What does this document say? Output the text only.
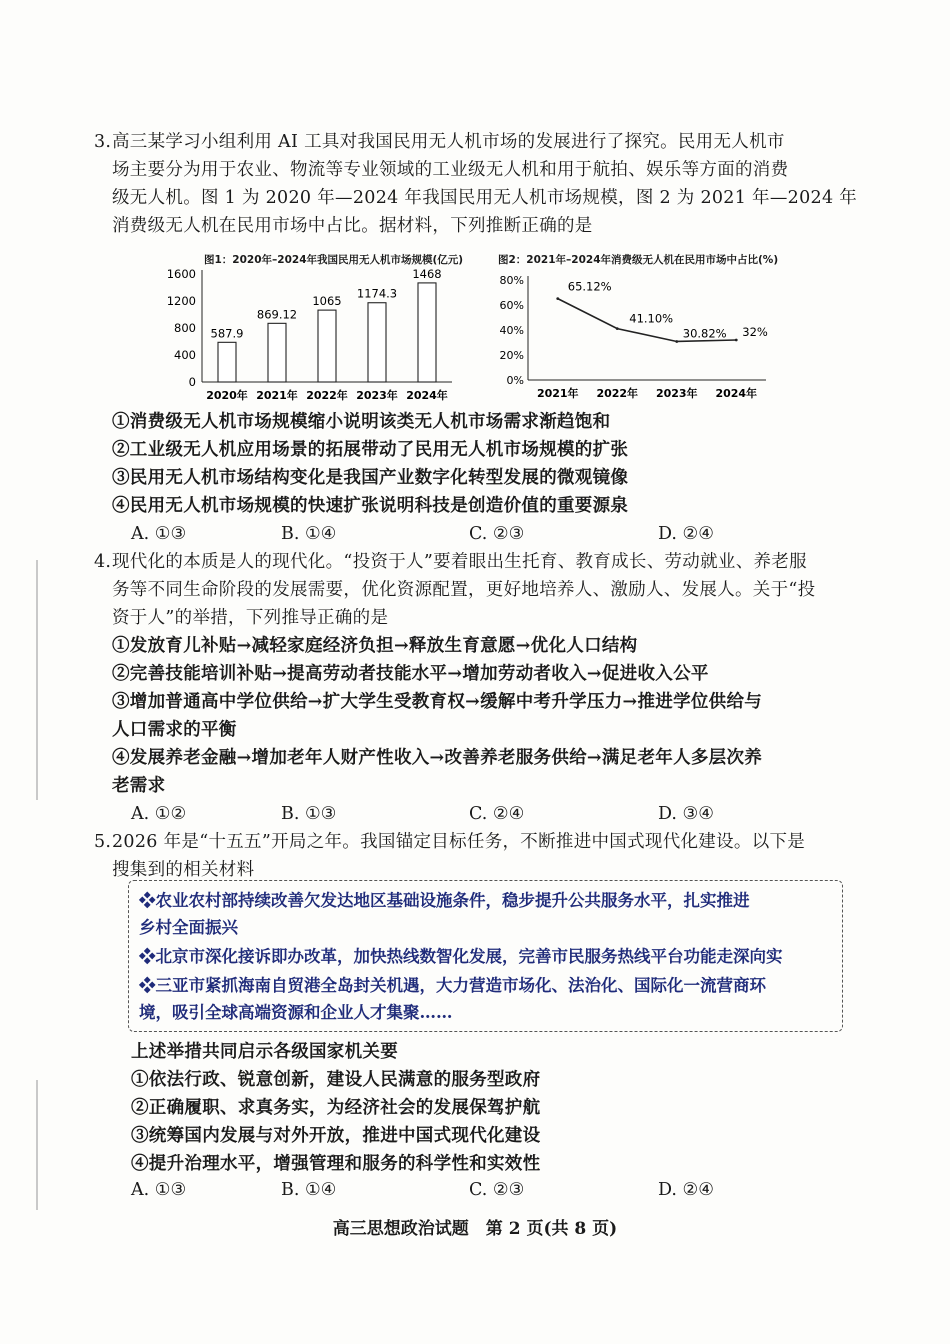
3.高三某学习小组利用 AI 工具对我国民用无人机市场的发展进行了探究。民用无人机市
场主要分为用于农业、物流等专业领域的工业级无人机和用于航拍、娱乐等方面的消费
级无人机。图 1 为 2020 年—2024 年我国民用无人机市场规模，图 2 为 2021 年—2024 年
消费级无人机在民用市场中占比。据材料，下列推断正确的是
图1：2020年–2024年我国民用无人机市场规模(亿元)
0
400
800
1200
1600
587.9
2020年
869.12
2021年
1065
2022年
1174.3
2023年
1468
2024年
图2：2021年–2024年消费级无人机在民用市场中占比(%)
0%
20%
40%
60%
80%	65.12%
2021年
41.10%
2022年
30.82%
2023年
32%
2024年
①消费级无人机市场规模缩小说明该类无人机市场需求渐趋饱和
②工业级无人机应用场景的拓展带动了民用无人机市场规模的扩张
③民用无人机市场结构变化是我国产业数字化转型发展的微观镜像
④民用无人机市场规模的快速扩张说明科技是创造价值的重要源泉
A. ①③	B. ①④	C. ②③	D. ②④
4.现代化的本质是人的现代化。“投资于人”要着眼出生托育、教育成长、劳动就业、养老服
务等不同生命阶段的发展需要，优化资源配置，更好地培养人、激励人、发展人。关于“投
资于人”的举措，下列推导正确的是
①发放育儿补贴→减轻家庭经济负担→释放生育意愿→优化人口结构
②完善技能培训补贴→提高劳动者技能水平→增加劳动者收入→促进收入公平
③增加普通高中学位供给→扩大学生受教育权→缓解中考升学压力→推进学位供给与
人口需求的平衡
④发展养老金融→增加老年人财产性收入→改善养老服务供给→满足老年人多层次养
老需求
A. ①②	B. ①③	C. ②④	D. ③④
5.2026 年是“十五五”开局之年。我国锚定目标任务，不断推进中国式现代化建设。以下是
搜集到的相关材料
❖农业农村部持续改善欠发达地区基础设施条件，稳步提升公共服务水平，扎实推进
乡村全面振兴
❖北京市深化接诉即办改革，加快热线数智化发展，完善市民服务热线平台功能走深向实
❖三亚市紧抓海南自贸港全岛封关机遇，大力营造市场化、法治化、国际化一流营商环
境，吸引全球高端资源和企业人才集聚……
上述举措共同启示各级国家机关要
①依法行政、锐意创新，建设人民满意的服务型政府
②正确履职、求真务实，为经济社会的发展保驾护航
③统筹国内发展与对外开放，推进中国式现代化建设
④提升治理水平，增强管理和服务的科学性和实效性
A. ①③	B. ①④	C. ②③	D. ②④
高三思想政治试题　第 2 页(共 8 页)
